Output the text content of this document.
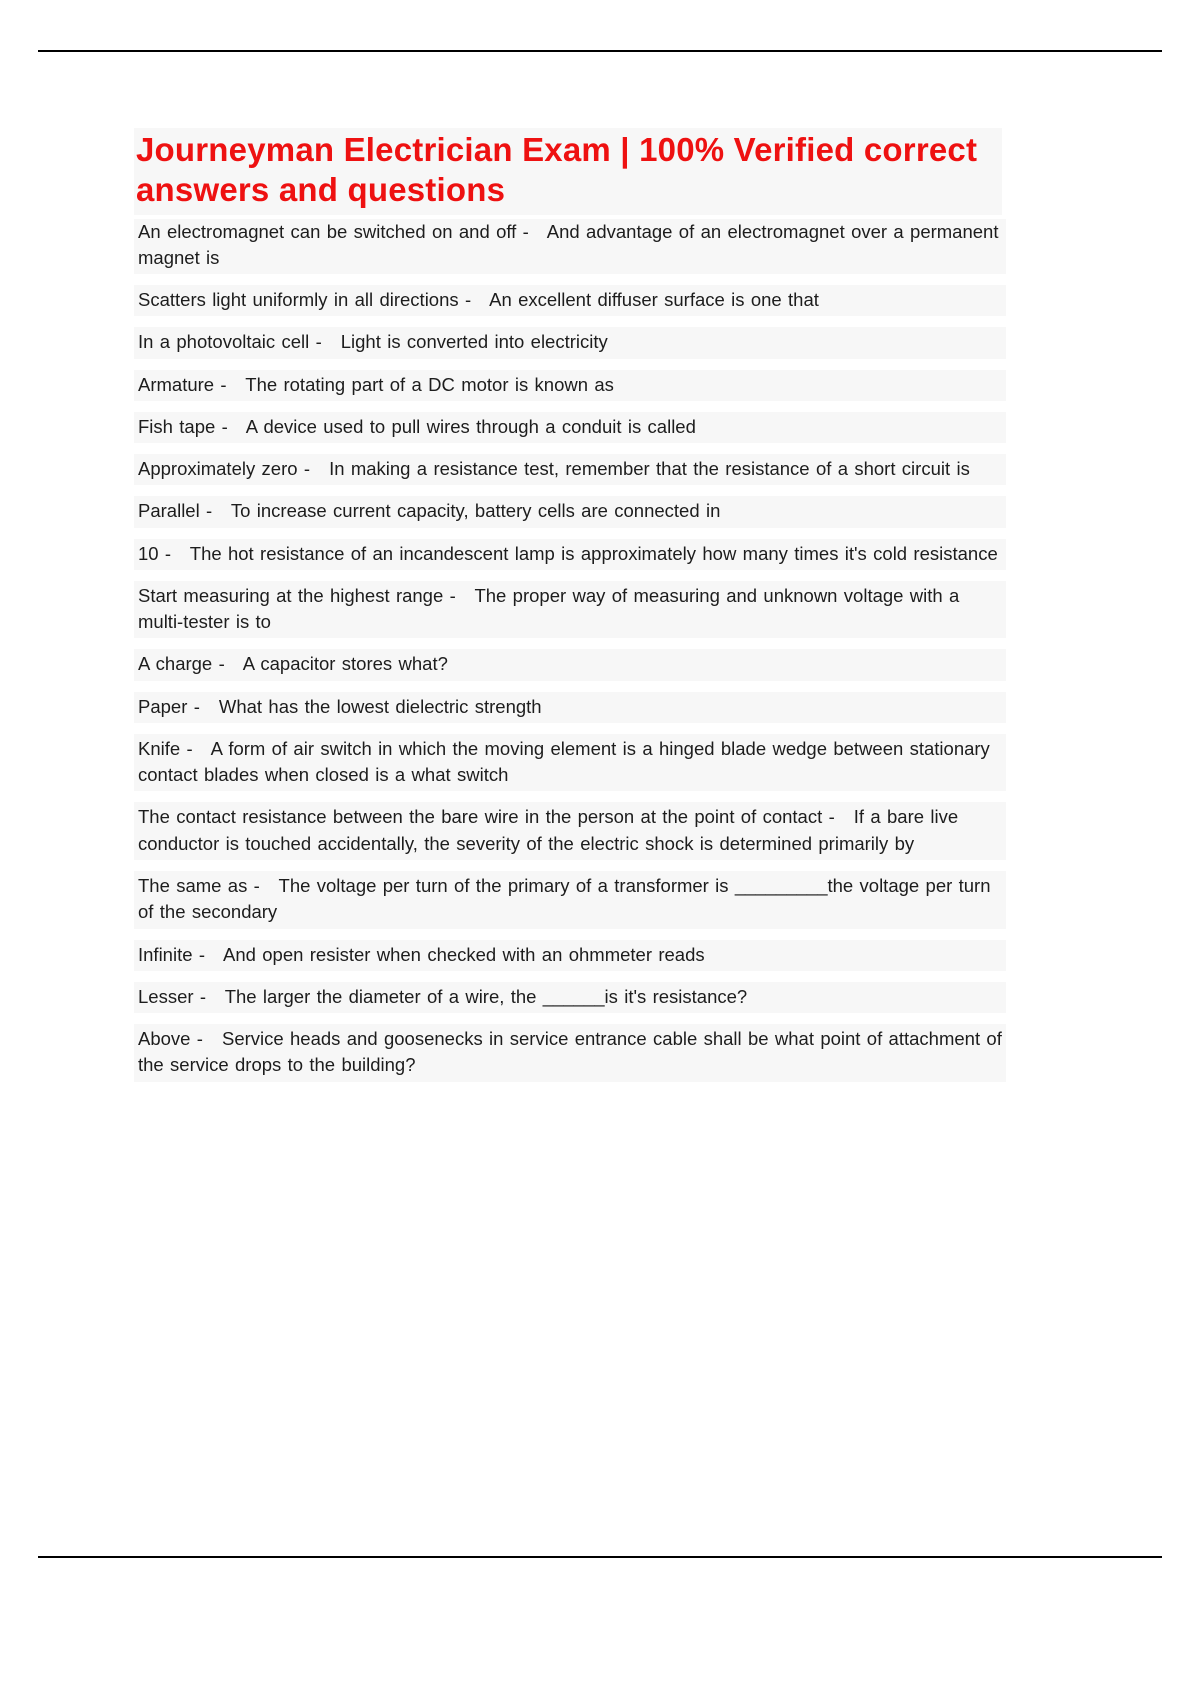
Journeyman Electrician Exam | 100% Verified correct answers and questions
An electromagnet can be switched on and off -   And advantage of an electromagnet over a permanent magnet is
Scatters light uniformly in all directions -   An excellent diffuser surface is one that
In a photovoltaic cell -   Light is converted into electricity
Armature -   The rotating part of a DC motor is known as
Fish tape -   A device used to pull wires through a conduit is called
Approximately zero -   In making a resistance test, remember that the resistance of a short circuit is
Parallel -   To increase current capacity, battery cells are connected in
10 -   The hot resistance of an incandescent lamp is approximately how many times it's cold resistance
Start measuring at the highest range -   The proper way of measuring and unknown voltage with a multi-tester is to
A charge -   A capacitor stores what?
Paper -   What has the lowest dielectric strength
Knife -   A form of air switch in which the moving element is a hinged blade wedge between stationary contact blades when closed is a what switch
The contact resistance between the bare wire in the person at the point of contact -   If a bare live conductor is touched accidentally, the severity of the electric shock is determined primarily by
The same as -   The voltage per turn of the primary of a transformer is _________the voltage per turn of the secondary
Infinite -   And open resister when checked with an ohmmeter reads
Lesser -   The larger the diameter of a wire, the ______is it's resistance?
Above -   Service heads and goosenecks in service entrance cable shall be what point of attachment of the service drops to the building?
